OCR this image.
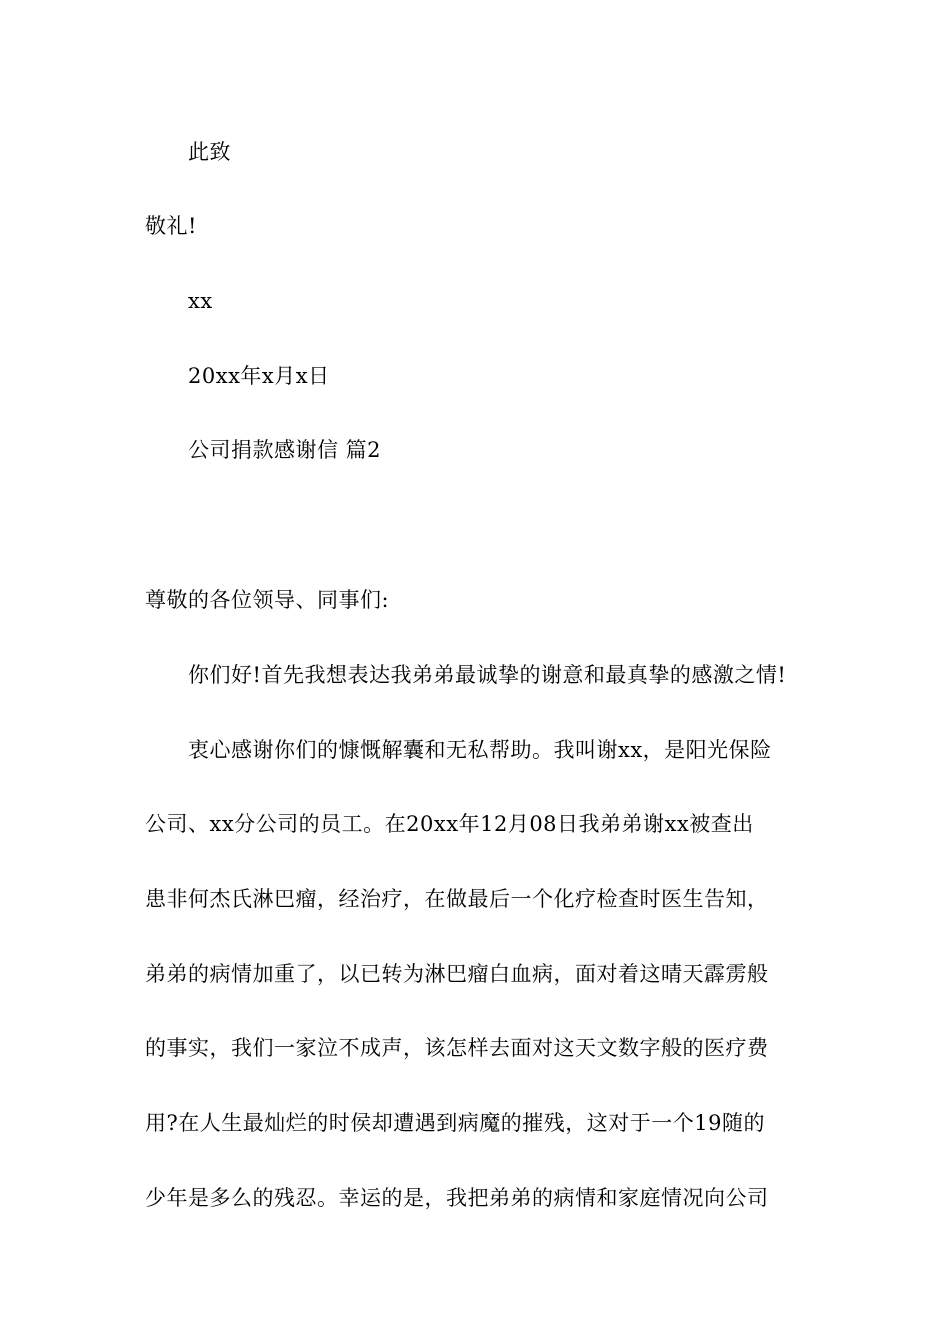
此致
敬礼!
xx
20xx年x月x日
公司捐款感谢信 篇2
尊敬的各位领导、同事们:
你们好!首先我想表达我弟弟最诚挚的谢意和最真挚的感激之情!
衷心感谢你们的慷慨解囊和无私帮助。我叫谢xx，是阳光保险
公司、xx分公司的员工。在20xx年12月08日我弟弟谢xx被查出
患非何杰氏淋巴瘤，经治疗，在做最后一个化疗检查时医生告知，
弟弟的病情加重了，以已转为淋巴瘤白血病，面对着这晴天霹雳般
的事实，我们一家泣不成声，该怎样去面对这天文数字般的医疗费
用?在人生最灿烂的时侯却遭遇到病魔的摧残，这对于一个19随的
少年是多么的残忍。幸运的是，我把弟弟的病情和家庭情况向公司
